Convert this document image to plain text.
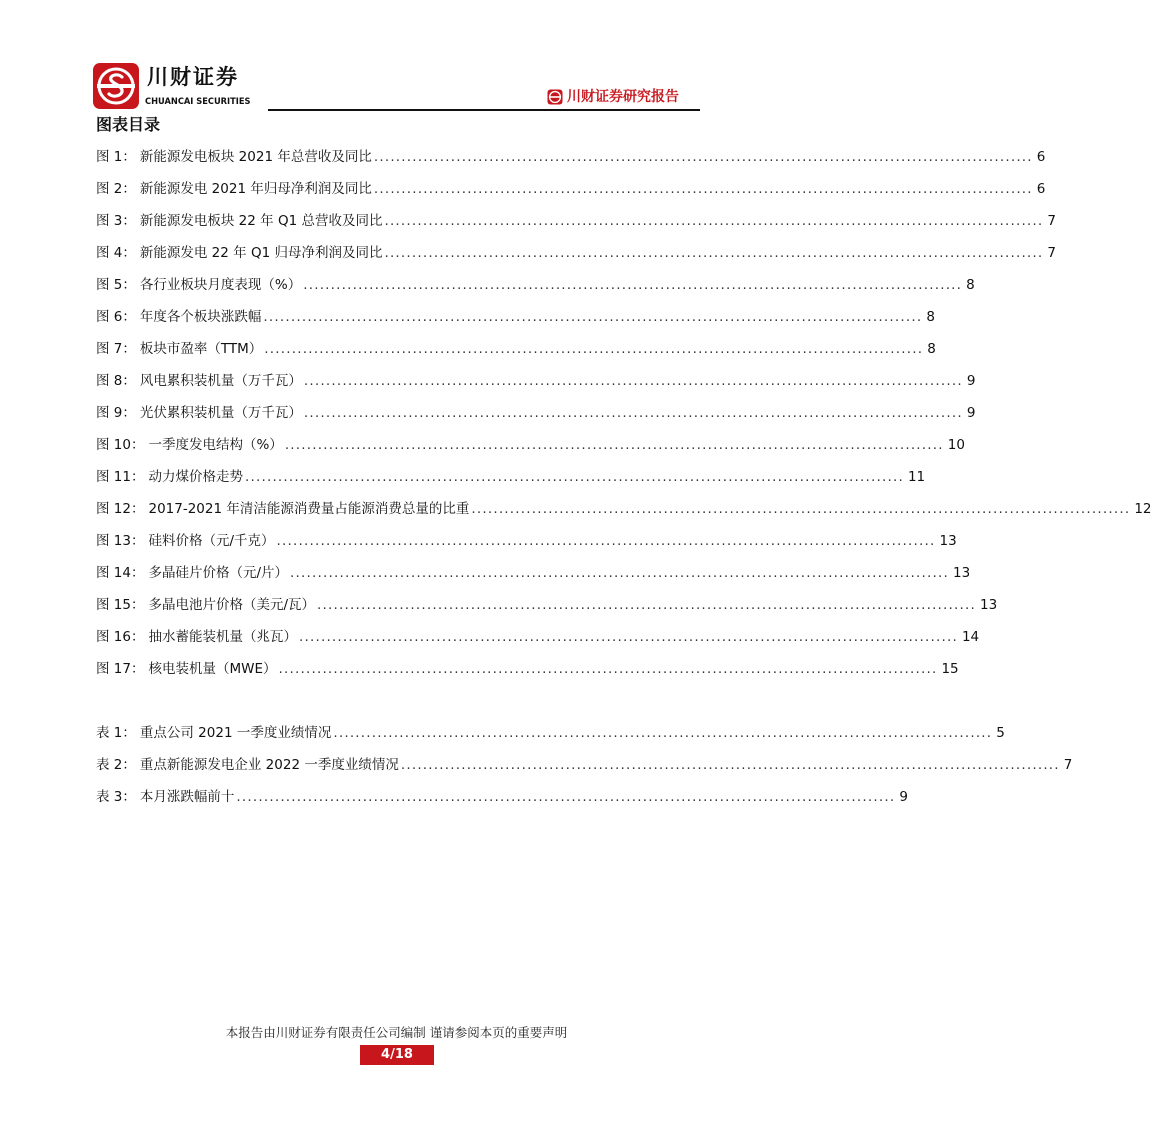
川财证券
CHUANCAI SECURITIES	川财证券研究报告
图表目录
图 1： 新能源发电板块 2021 年总营收及同比 ........................................................................................................................ 6
图 2： 新能源发电 2021 年归母净利润及同比 ........................................................................................................................ 6
图 3： 新能源发电板块 22 年 Q1 总营收及同比 ........................................................................................................................ 7
图 4： 新能源发电 22 年 Q1 归母净利润及同比 ........................................................................................................................ 7
图 5： 各行业板块月度表现（%） ........................................................................................................................ 8
图 6： 年度各个板块涨跌幅 ........................................................................................................................ 8
图 7： 板块市盈率（TTM） ........................................................................................................................ 8
图 8： 风电累积装机量（万千瓦） ........................................................................................................................ 9
图 9： 光伏累积装机量（万千瓦） ........................................................................................................................ 9
图 10： 一季度发电结构（%） ........................................................................................................................ 10
图 11： 动力煤价格走势 ........................................................................................................................ 11
图 12： 2017-2021 年清洁能源消费量占能源消费总量的比重 ........................................................................................................................ 12
图 13： 硅料价格（元/千克） ........................................................................................................................ 13
图 14： 多晶硅片价格（元/片） ........................................................................................................................ 13
图 15： 多晶电池片价格（美元/瓦） ........................................................................................................................ 13
图 16： 抽水蓄能装机量（兆瓦） ........................................................................................................................ 14
图 17： 核电装机量（MWE） ........................................................................................................................ 15
表 1： 重点公司 2021 一季度业绩情况 ........................................................................................................................ 5
表 2： 重点新能源发电企业 2022 一季度业绩情况 ........................................................................................................................ 7
表 3： 本月涨跌幅前十 ........................................................................................................................ 9
本报告由川财证券有限责任公司编制 谨请参阅本页的重要声明
4/18
